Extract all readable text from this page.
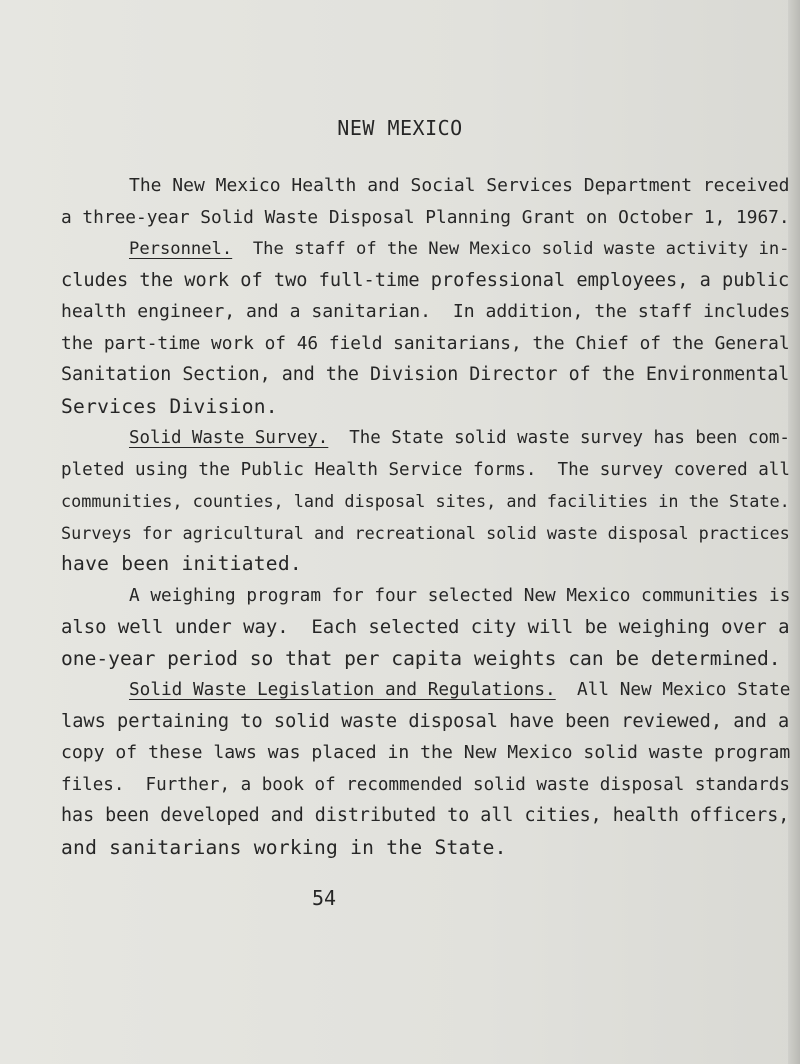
NEW MEXICO
The New Mexico Health and Social Services Department received
a three-year Solid Waste Disposal Planning Grant on October 1, 1967.
Personnel.  The staff of the New Mexico solid waste activity in-
cludes the work of two full-time professional employees, a public
health engineer, and a sanitarian.  In addition, the staff includes
the part-time work of 46 field sanitarians, the Chief of the General
Sanitation Section, and the Division Director of the Environmental
Services Division.
Solid Waste Survey.  The State solid waste survey has been com-
pleted using the Public Health Service forms.  The survey covered all
communities, counties, land disposal sites, and facilities in the State.
Surveys for agricultural and recreational solid waste disposal practices
have been initiated.
A weighing program for four selected New Mexico communities is
also well under way.  Each selected city will be weighing over a
one-year period so that per capita weights can be determined.
Solid Waste Legislation and Regulations.  All New Mexico State
laws pertaining to solid waste disposal have been reviewed, and a
copy of these laws was placed in the New Mexico solid waste program
files.  Further, a book of recommended solid waste disposal standards
has been developed and distributed to all cities, health officers,
and sanitarians working in the State.
54
